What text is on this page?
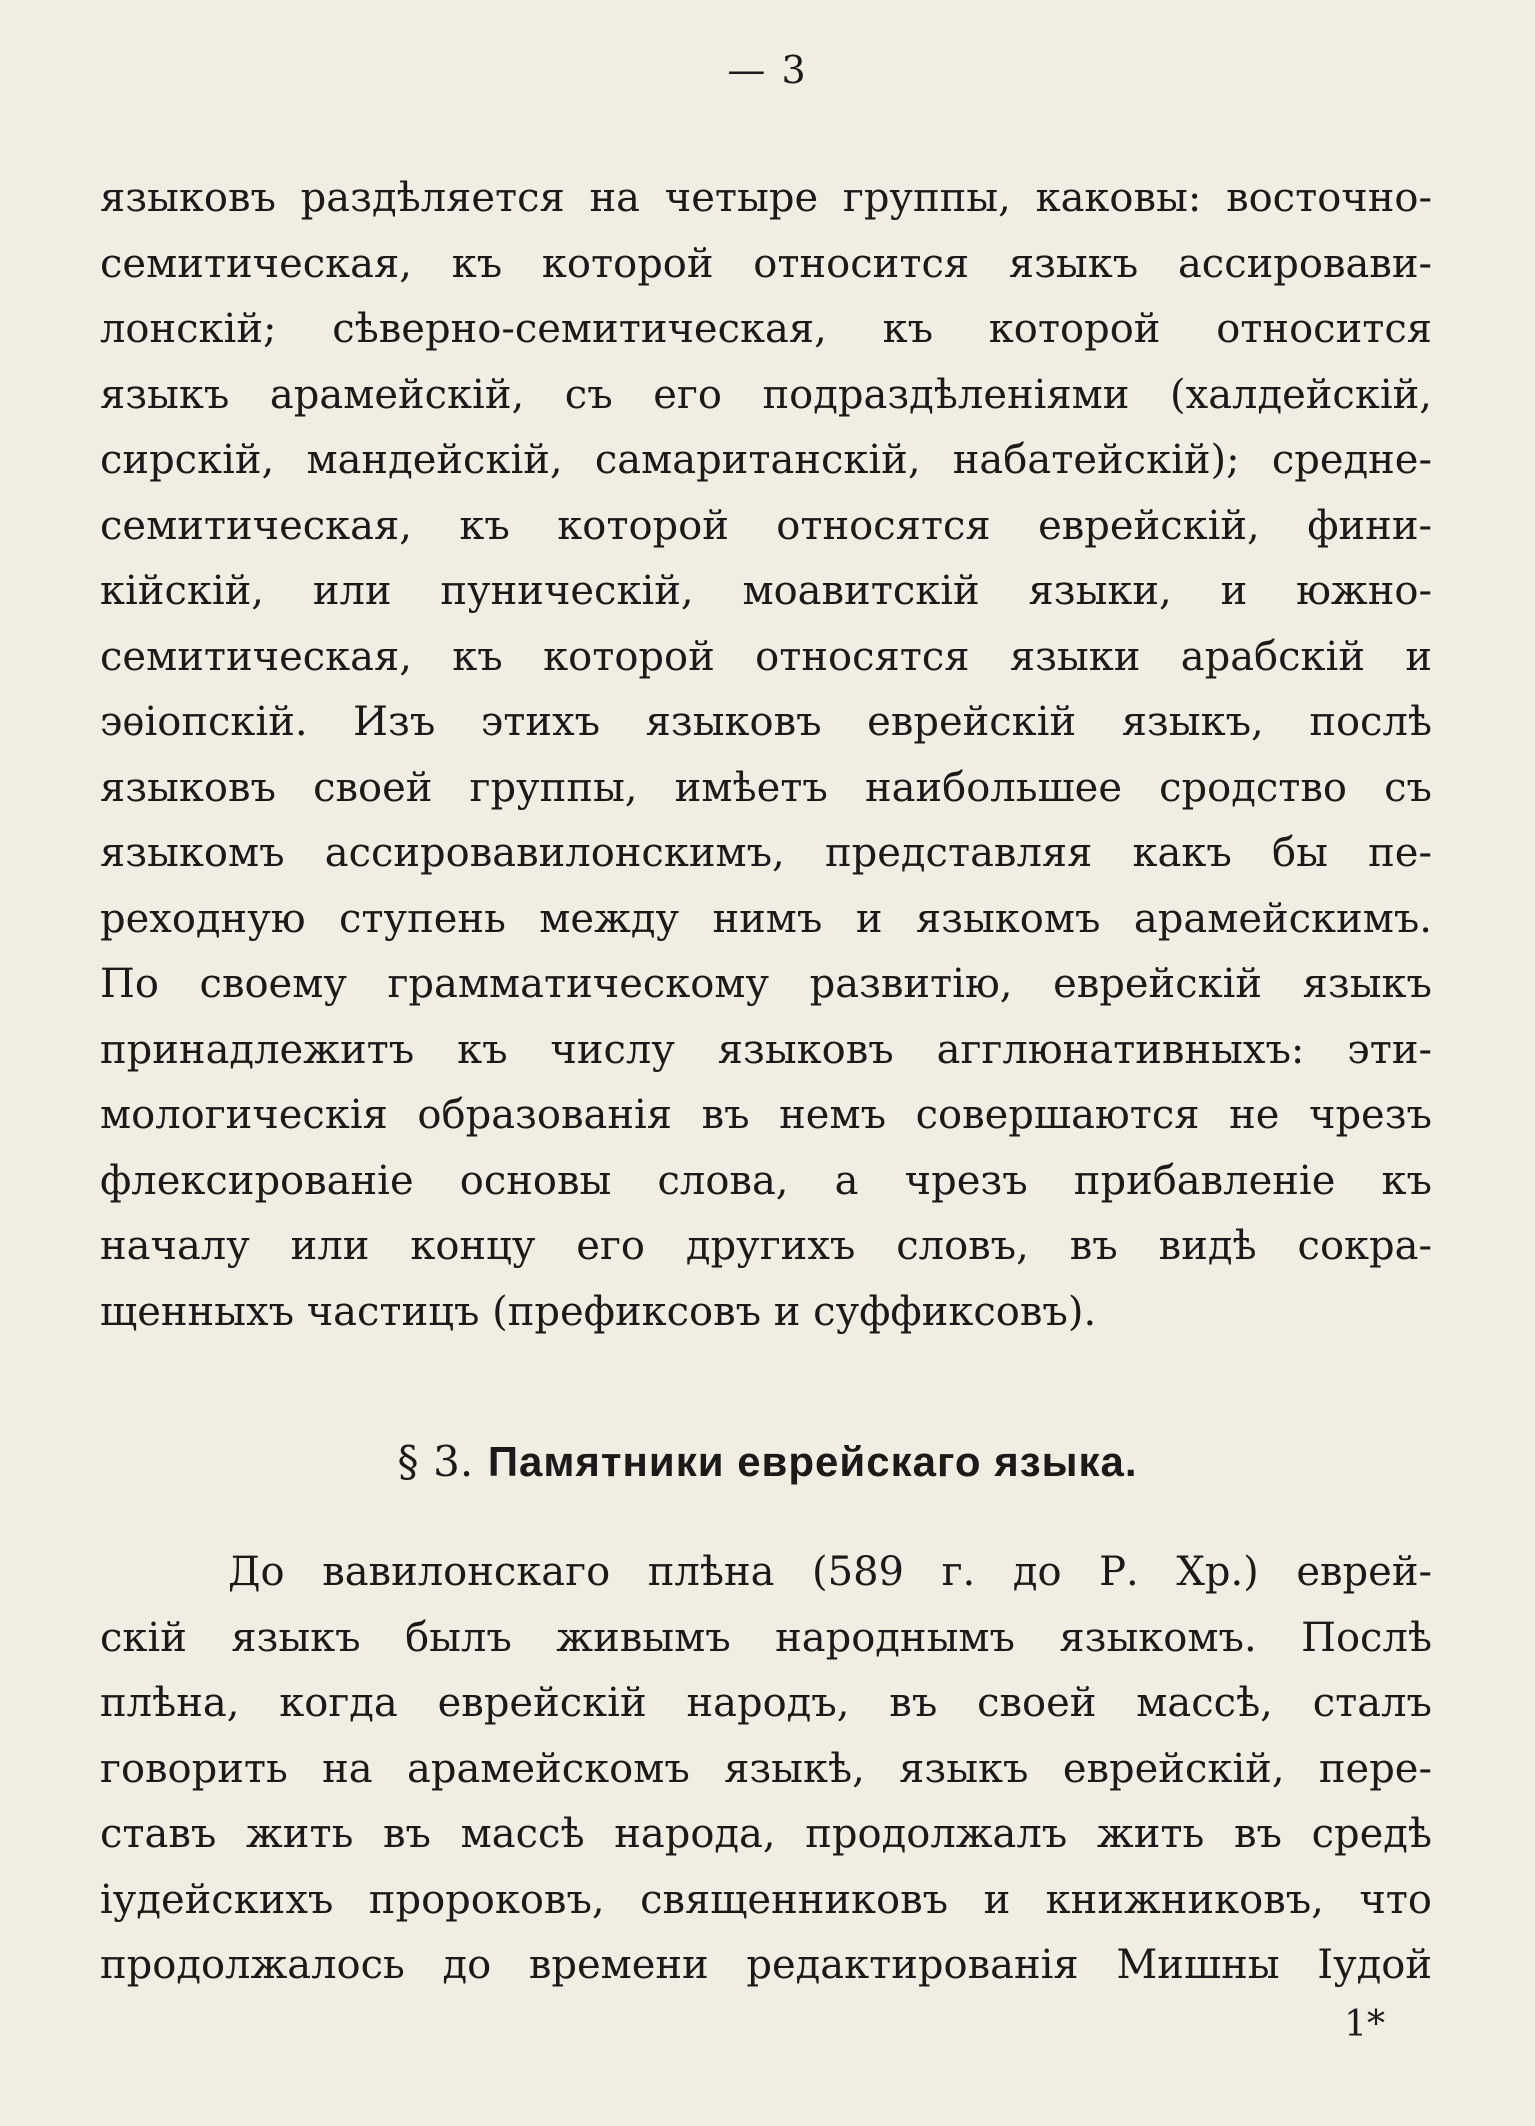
— 3
языковъ раздѣляется на четыре группы, каковы: восточно-
семитическая, къ которой относится языкъ ассировави-
лонскій; сѣверно-семитическая, къ которой относится
языкъ арамейскій, съ его подраздѣленіями (халдейскій,
сирскій, мандейскій, самаританскій, набатейскій); средне-
семитическая, къ которой относятся еврейскій, фини-
кійскій, или пуническій, моавитскій языки, и южно-
семитическая, къ которой относятся языки арабскій и
эѳіопскій. Изъ этихъ языковъ еврейскій языкъ, послѣ
языковъ своей группы, имѣетъ наибольшее сродство съ
языкомъ ассировавилонскимъ, представляя какъ бы пе-
реходную ступень между нимъ и языкомъ арамейскимъ.
По своему грамматическому развитію, еврейскій языкъ
принадлежитъ къ числу языковъ агглюнативныхъ: эти-
мологическія образованія въ немъ совершаются не чрезъ
флексированіе основы слова, а чрезъ прибавленіе къ
началу или концу его другихъ словъ, въ видѣ сокра-
щенныхъ частицъ (префиксовъ и суффиксовъ).
§ 3. Памятники еврейскаго языка.
До вавилонскаго плѣна (589 г. до Р. Хр.) еврей-
скій языкъ былъ живымъ народнымъ языкомъ. Послѣ
плѣна, когда еврейскій народъ, въ своей массѣ, сталъ
говорить на арамейскомъ языкѣ, языкъ еврейскій, пере-
ставъ жить въ массѣ народа, продолжалъ жить въ средѣ
іудейскихъ пророковъ, священниковъ и книжниковъ, что
продолжалось до времени редактированія Мишны Іудой
1*
